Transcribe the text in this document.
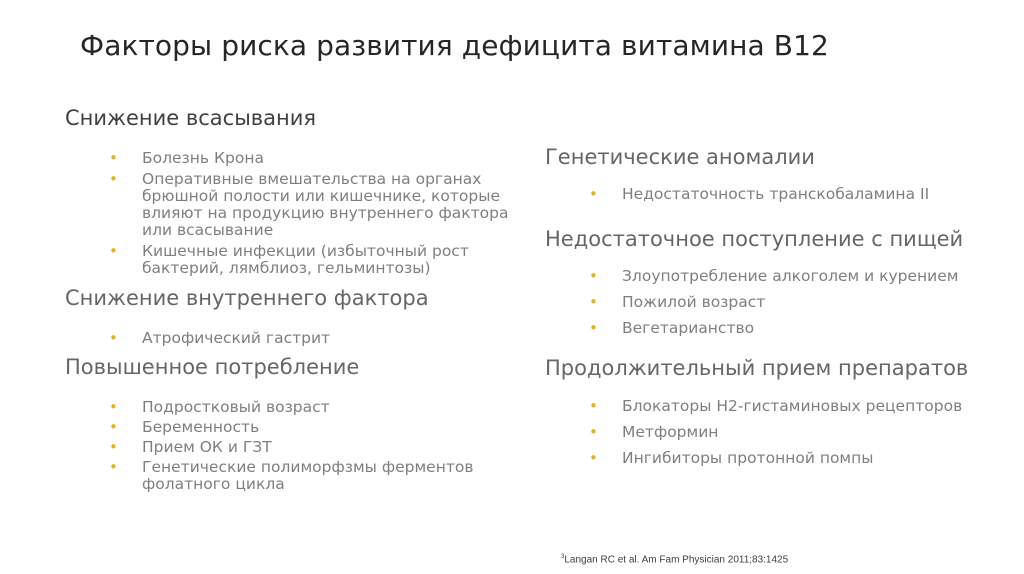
Факторы риска развития дефицита витамина В12
Снижение всасывания
• Болезнь Крона
• Оперативные вмешательства на органах брюшной полости или кишечнике, которые влияют на продукцию внутреннего фактора или всасывание
• Кишечные инфекции (избыточный рост бактерий, лямблиоз, гельминтозы)
Снижение внутреннего фактора
• Атрофический гастрит
Повышенное потребление
• Подростковый возраст
• Беременность
• Прием ОК и ГЗТ
• Генетические полиморфзмы ферментов фолатного цикла
Генетические аномалии
• Недостаточность транскобаламина II
Недостаточное поступление с пищей
• Злоупотребление алкоголем и курением
• Пожилой возраст
• Вегетарианство
Продолжительный прием препаратов
• Блокаторы Н2-гистаминовых рецепторов
• Метформин
• Ингибиторы протонной помпы
$^3$Langan RC et al. Am Fam Physician 2011;83:1425
